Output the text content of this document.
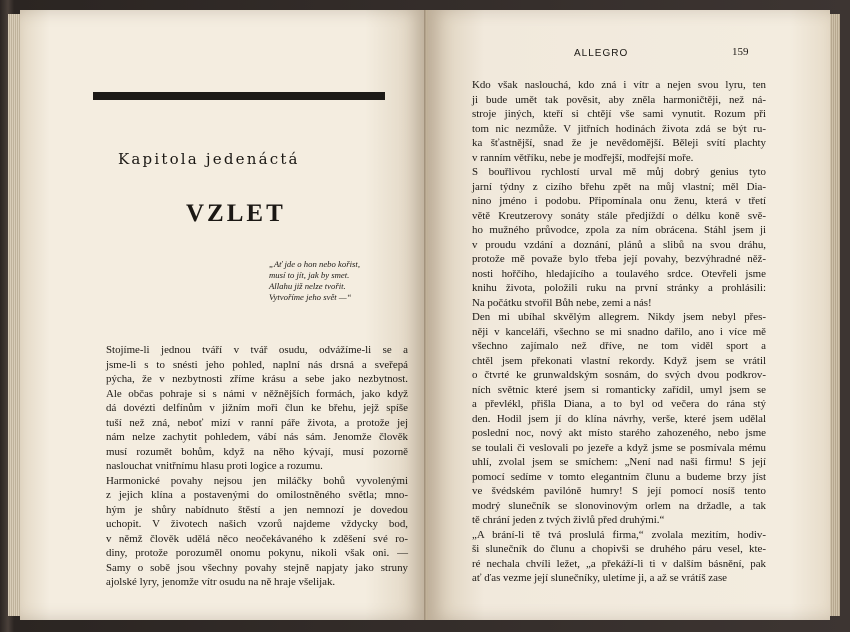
Kapitola jedenáctá
VZLET
„Ať jde o hon nebo kořist,
musí to jít, jak by smet.
Allahu již nelze tvořit.
Vytvoříme jeho svět —“

Stojíme-li jednou tváří v tvář osudu, odvážíme-li se a
jsme-li s to snésti jeho pohled, naplní nás drsná a sveřepá
pýcha, že v nezbytnosti zříme krásu a sebe jako nezbytnost.
Ale občas pohraje si s námi v něžnějších formách, jako když
dá dovézti delfínům v jižním moři člun ke břehu, jejž spíše
tuší než zná, neboť mizí v ranní páře života, a protože jej
nám nelze zachytit pohledem, vábí nás sám. Jenomže člověk
musí rozumět bohům, když na něho kývají, musí pozorně
naslouchat vnitřnímu hlasu proti logice a rozumu.

Harmonické povahy nejsou jen miláčky bohů vyvolenými
z jejich klína a postavenými do omilostněného světla; mno-
hým je shůry nabídnuto štěstí a jen nemnozí je dovedou
uchopit. V životech našich vzorů najdeme vždycky bod,
v němž člověk udělá něco neočekávaného k zděšení své ro-
diny, protože porozuměl onomu pokynu, nikoli však oni. —
Samy o sobě jsou všechny povahy stejně napjaty jako struny
ajolské lyry, jenomže vítr osudu na ně hraje všelijak.

ALLEGRO	159

Kdo však naslouchá, kdo zná i vítr a nejen svou lyru, ten
ji bude umět tak pověsit, aby zněla harmoničtěji, než ná-
stroje jiných, kteří si chtějí vše sami vynutit. Rozum při
tom nic nezmůže. V jitřních hodinách života zdá se být ru-
ka šťastnější, snad že je nevědomější. Běleji svítí plachty
v ranním větříku, nebe je modřejší, modřejší moře.

S bouřlivou rychlostí urval mě můj dobrý genius tyto
jarní týdny z cizího břehu zpět na můj vlastní; měl Dia-
nino jméno i podobu. Připomínala onu ženu, která v třetí
větě Kreutzerovy sonáty stále předjíždí o délku koně svě-
ho mužného průvodce, zpola za ním obrácena. Stáhl jsem ji
v proudu vzdání a doznání, plánů a slibů na svou dráhu,
protože mě považe bylo třeba její povahy, bezvýhradné něž-
nosti hořčího, hledajícího a toulavého srdce. Otevřeli jsme
knihu života, položili ruku na první stránky a prohlásili:
Na počátku stvořil Bůh nebe, zemi a nás!

Den mi ubíhal skvělým allegrem. Nikdy jsem nebyl přes-
něji v kanceláři, všechno se mi snadno dařilo, ano i více mě
všechno zajímalo než dříve, ne tom viděl sport a
chtěl jsem překonati vlastní rekordy. Když jsem se vrátil
o čtvrté ke grunwaldským sosnám, do svých dvou podkrov-
ních světnic které jsem si romanticky zařídil, umyl jsem se
a převlékl, přišla Diana, a to byl od večera do rána stý
den. Hodil jsem jí do klína návrhy, verše, které jsem udělal
poslední noc, nový akt místo starého zahozeného, nebo jsme
se toulali či veslovali po jezeře a když jsme se posmívala mému
uhlí, zvolal jsem se smíchem: „Není nad naši firmu! S její
pomocí sedíme v tomto elegantním člunu a budeme brzy jíst
ve švédském pavilóně humry! S její pomocí nosíš tento
modrý slunečník se slonovinovým orlem na držadle, a tak
tě chrání jeden z tvých živlů před druhými.“

„A brání-li tě tvá proslulá firma,“ zvolala mezitím, hodiv-
ši slunečník do člunu a chopivši se druhého páru vesel, kte-
ré nechala chvíli ležet, „a překáží-li ti v dalším básnění, pak
ať ďas vezme její slunečníky, uletíme ji, a až se vrátíš zase
